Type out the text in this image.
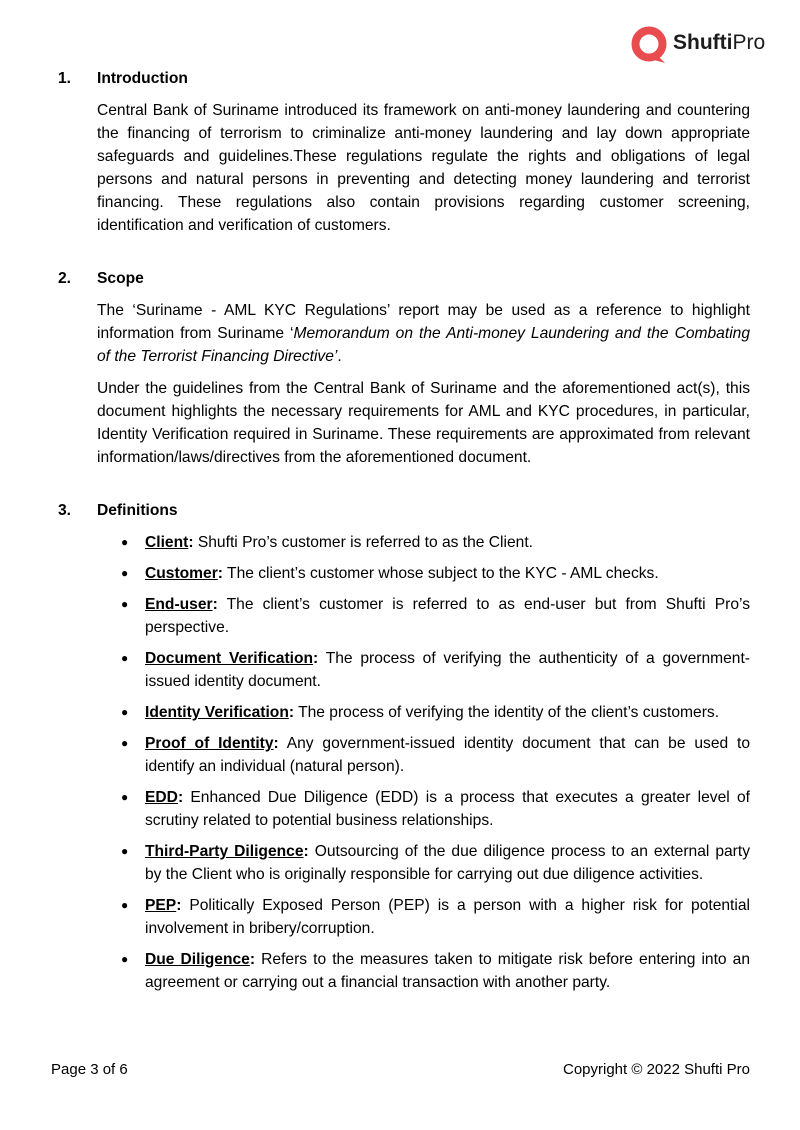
ShuftiPro
1.	Introduction

Central Bank of Suriname introduced its framework on anti-money laundering and countering the financing of terrorism to criminalize anti-money laundering and lay down appropriate safeguards and guidelines.These regulations regulate the rights and obligations of legal persons and natural persons in preventing and detecting money laundering and terrorist financing. These regulations also contain provisions regarding customer screening, identification and verification of customers.

2.	Scope

The ‘Suriname - AML KYC Regulations’ report may be used as a reference to highlight information from Suriname ‘Memorandum on the Anti-money Laundering and the Combating of the Terrorist Financing Directive’.

Under the guidelines from the Central Bank of Suriname and the aforementioned act(s), this document highlights the necessary requirements for AML and KYC procedures, in particular, Identity Verification required in Suriname. These requirements are approximated from relevant information/laws/directives from the aforementioned document.

3.	Definitions
● Client: Shufti Pro’s customer is referred to as the Client.
● Customer: The client’s customer whose subject to the KYC - AML checks.
● End-user: The client’s customer is referred to as end-user but from Shufti Pro’s perspective.
● Document Verification: The process of verifying the authenticity of a government-issued identity document.
● Identity Verification: The process of verifying the identity of the client’s customers.
● Proof of Identity: Any government-issued identity document that can be used to identify an individual (natural person).
● EDD: Enhanced Due Diligence (EDD) is a process that executes a greater level of scrutiny related to potential business relationships.
● Third-Party Diligence: Outsourcing of the due diligence process to an external party by the Client who is originally responsible for carrying out due diligence activities.
● PEP: Politically Exposed Person (PEP) is a person with a higher risk for potential involvement in bribery/corruption.
● Due Diligence: Refers to the measures taken to mitigate risk before entering into an agreement or carrying out a financial transaction with another party.
Page 3 of 6	Copyright © 2022 Shufti Pro
